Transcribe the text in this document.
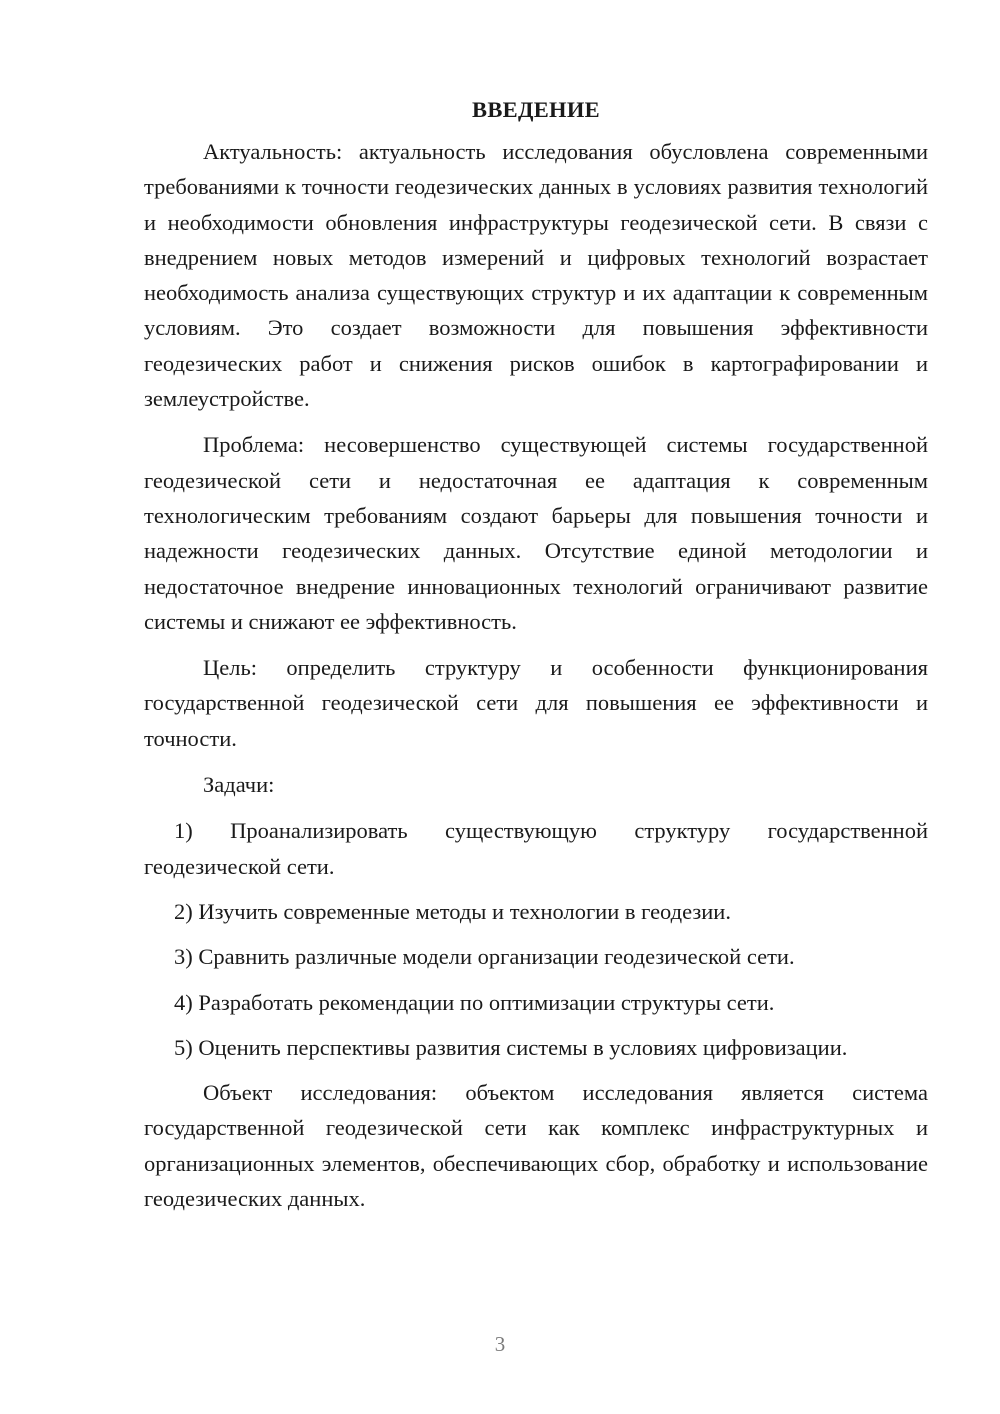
ВВЕДЕНИЕ

Актуальность: актуальность исследования обусловлена современными требованиями к точности геодезических данных в условиях развития технологий и необходимости обновления инфраструктуры геодезической сети. В связи с внедрением новых методов измерений и цифровых технологий возрастает необходимость анализа существующих структур и их адаптации к современным условиям. Это создает возможности для повышения эффективности геодезических работ и снижения рисков ошибок в картографировании и землеустройстве.

Проблема: несовершенство существующей системы государственной геодезической сети и недостаточная ее адаптация к современным технологическим требованиям создают барьеры для повышения точности и надежности геодезических данных. Отсутствие единой методологии и недостаточное внедрение инновационных технологий ограничивают развитие системы и снижают ее эффективность.

Цель: определить структуру и особенности функционирования государственной геодезической сети для повышения ее эффективности и точности.

Задачи:

1) Проанализировать существующую структуру государственной геодезической сети.

2) Изучить современные методы и технологии в геодезии.

3) Сравнить различные модели организации геодезической сети.

4) Разработать рекомендации по оптимизации структуры сети.

5) Оценить перспективы развития системы в условиях цифровизации.

Объект исследования: объектом исследования является система государственной геодезической сети как комплекс инфраструктурных и организационных элементов, обеспечивающих сбор, обработку и использование геодезических данных.

3
